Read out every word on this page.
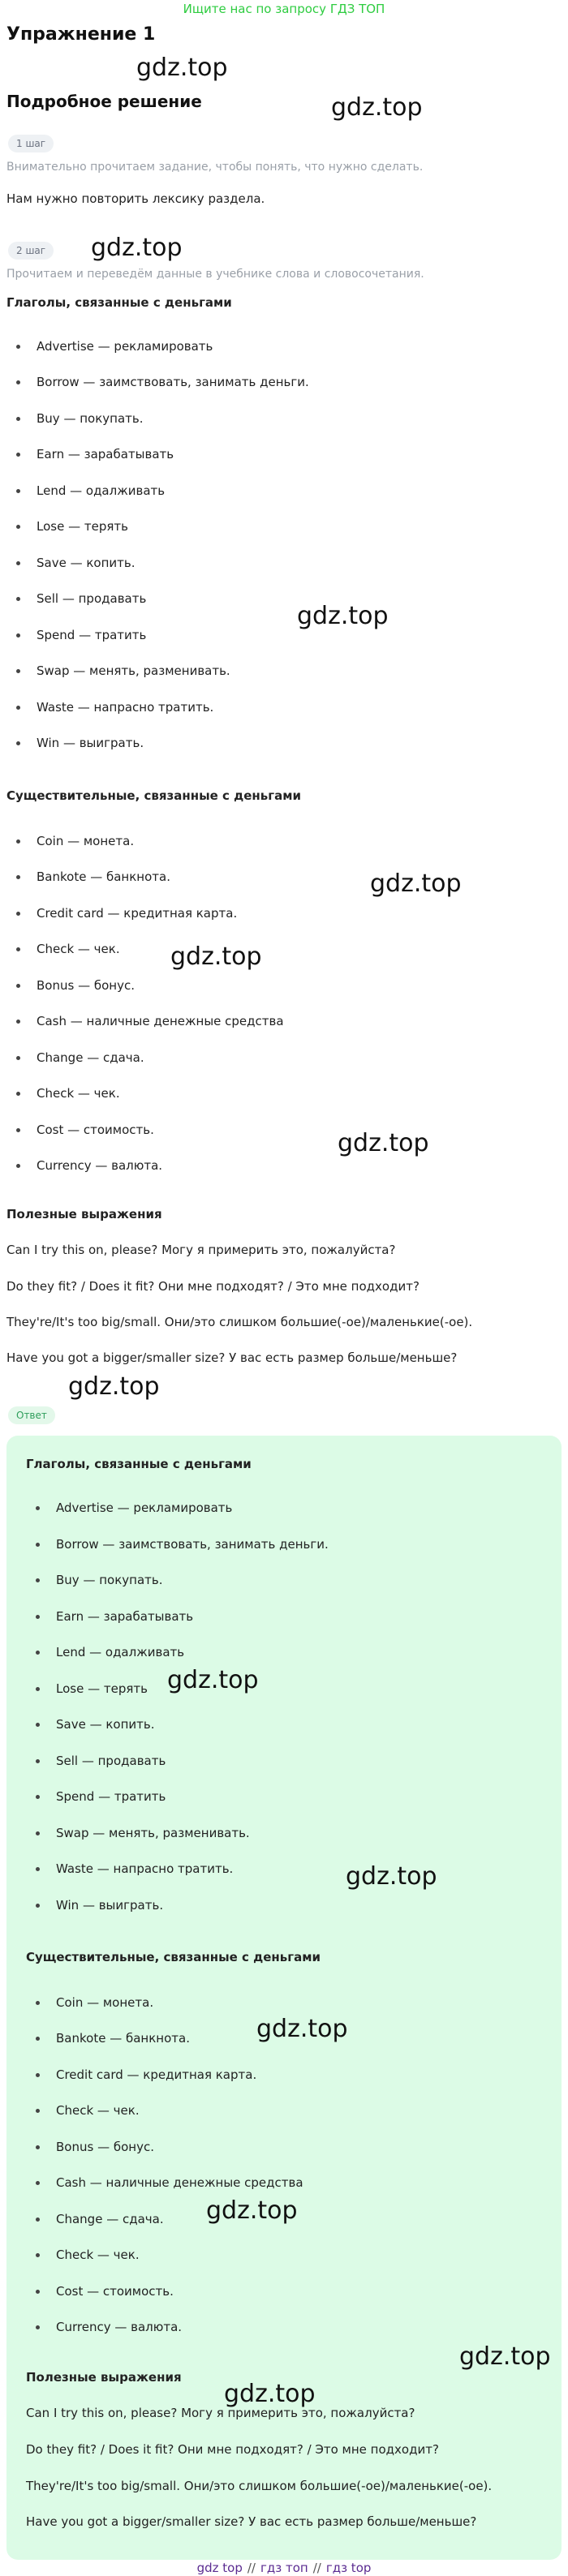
Ищите нас по запросу ГДЗ ТОП
Упражнение 1
Подробное решение
1 шаг
Внимательно прочитаем задание, чтобы понять, что нужно сделать.
Нам нужно повторить лексику раздела.
2 шаг
Прочитаем и переведём данные в учебнике слова и словосочетания.
Глаголы, связанные с деньгами
Advertise — рекламировать
Borrow — заимствовать, занимать деньги.
Buy — покупать.
Earn — зарабатывать
Lend — одалживать
Lose — терять
Save — копить.
Sell — продавать
Spend — тратить
Swap — менять, разменивать.
Waste — напрасно тратить.
Win — выиграть.
Существительные, связанные с деньгами
Coin — монета.
Bankote — банкнота.
Credit card — кредитная карта.
Check — чек.
Bonus — бонус.
Cash — наличные денежные средства
Change — сдача.
Check — чек.
Cost — стоимость.
Currency — валюта.
Полезные выражения
Can I try this on, please? Могу я примерить это, пожалуйста?
Do they fit? / Does it fit? Они мне подходят? / Это мне подходит?
They're/It's too big/small. Они/это слишком большие(-ое)/маленькие(-ое).
Have you got a bigger/smaller size? У вас есть размер больше/меньше?
Ответ
Глаголы, связанные с деньгами
Advertise — рекламировать
Borrow — заимствовать, занимать деньги.
Buy — покупать.
Earn — зарабатывать
Lend — одалживать
Lose — терять
Save — копить.
Sell — продавать
Spend — тратить
Swap — менять, разменивать.
Waste — напрасно тратить.
Win — выиграть.
Существительные, связанные с деньгами
Coin — монета.
Bankote — банкнота.
Credit card — кредитная карта.
Check — чек.
Bonus — бонус.
Cash — наличные денежные средства
Change — сдача.
Check — чек.
Cost — стоимость.
Currency — валюта.
Полезные выражения
Can I try this on, please? Могу я примерить это, пожалуйста?
Do they fit? / Does it fit? Они мне подходят? / Это мне подходит?
They're/It's too big/small. Они/это слишком большие(-ое)/маленькие(-ое).
Have you got a bigger/smaller size? У вас есть размер больше/меньше?
gdz.top
gdz.top
gdz.top
gdz.top
gdz.top
gdz.top
gdz.top
gdz.top
gdz.top
gdz.top
gdz.top
gdz.top
gdz.top
gdz.top
gdz top // гдз топ // гдз top
